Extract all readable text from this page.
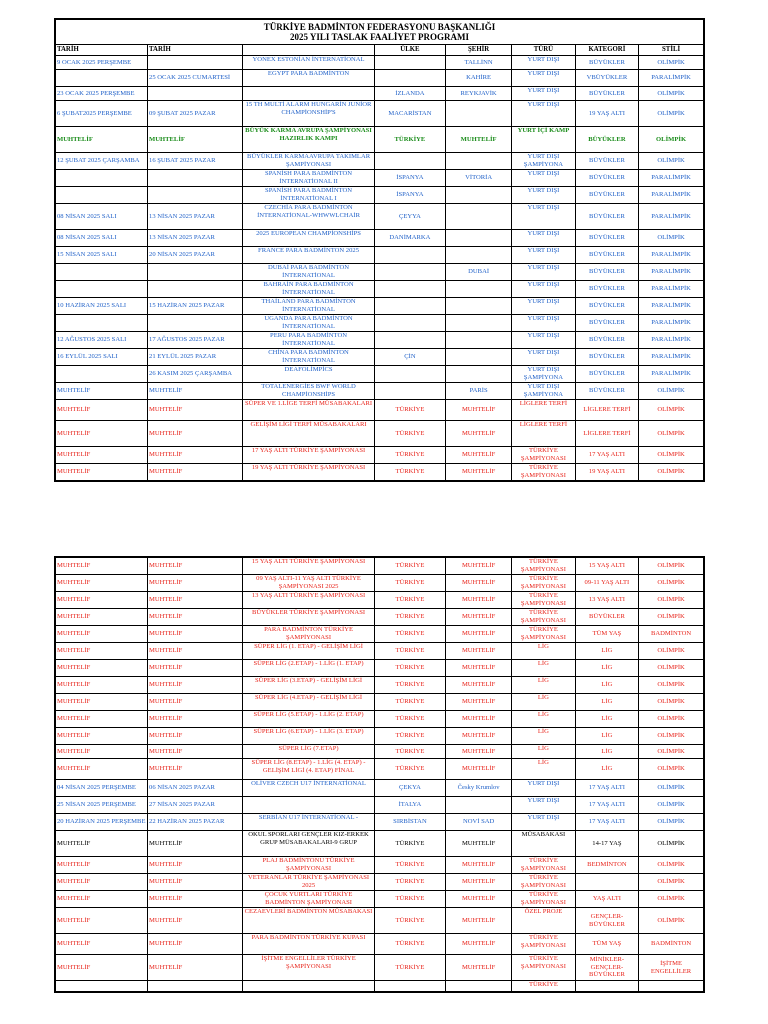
TÜRKİYE BADMİNTON FEDERASYONU BAŞKANLIĞI
2025 YILI TASLAK FAALİYET PROGRAMI							

TARİH	TARİH		ÜLKE	ŞEHİR	TÜRÜ	KATEGORİ	STİLİ
9 OCAK 2025 PERŞEMBE		YONEX ESTONİAN İNTERNATİONAL		TALLİNN	YURT DIŞI	BÜYÜKLER	OLİMPİK
	25 OCAK 2025 CUMARTESİ	EGYPT PARA BADMİNTON		KAHİRE	YURT DIŞI	VBÜYÜKLER	PARALİMPİK
23 OCAK 2025 PERŞEMBE			İZLANDA	REYKJAVİK	YURT DIŞI	BÜYÜKLER	OLİMPİK
6 ŞUBAT2025 PERŞEMBE	09 ŞUBAT 2025 PAZAR	15 TH MULTİ ALARM HUNGARİN JUNİOR CHAMPİONSHİP'S	MACARİSTAN		YURT DIŞI	19 YAŞ ALTI	OLİMPİK
MUHTELİF	MUHTELİF	BÜYÜK KARMA AVRUPA ŞAMPİYONASI HAZIRLIK KAMPI	TÜRKİYE	MUHTELİF	YURT İÇİ KAMP	BÜYÜKLER	OLİMPİK
12 ŞUBAT 2025 ÇARŞAMBA	16 ŞUBAT 2025 PAZAR	BÜYÜKLER KARMAAVRUPA TAKIMLAR ŞAMPİYONASI			YURT DIŞI ŞAMPİYONA	BÜYÜKLER	OLİMPİK
		SPANİSH PARA BADMİNTON İNTERNATİONAL II	İSPANYA	VİTORİA	YURT DIŞI	BÜYÜKLER	PARALİMPİK
		SPANİSH PARA BADMİNTON İNTERNATİONAL I	İSPANYA		YURT DIŞI	BÜYÜKLER	PARALİMPİK
08 NİSAN 2025 SALI	13 NİSAN 2025 PAZAR	CZECHİA PARA BADMİNTON İNTERNATİONAL-WHWWLCHAİR	ÇEYYA		YURT DIŞI	BÜYÜKLER	PARALİMPİK
08 NİSAN 2025 SALI	13 NİSAN 2025 PAZAR	2025 EUROPEAN CHAMPİONSHİPS	DANİMARKA		YURT DIŞI	BÜYÜKLER	OLİMPİK
15 NİSAN 2025 SALI	20 NİSAN 2025 PAZAR	FRANCE PARA BADMİNTON 2025			YURT DIŞI	BÜYÜKLER	PARALİMPİK
		DUBAİ PARA BADMİNTON İNTERNATİONAL		DUBAİ	YURT DIŞI	BÜYÜKLER	PARALİMPİK
		BAHRAİN PARA BADMİNTON İNTERNATİONAL			YURT DIŞI	BÜYÜKLER	PARALİMPİK
10 HAZİRAN 2025 SALI	15 HAZİRAN 2025 PAZAR	THAİLAND PARA BADMİNTON İNTERNATİONAL			YURT DIŞI	BÜYÜKLER	PARALİMPİK
		UGANDA PARA BADMİNTON İNTERNATİONAL			YURT DIŞI	BÜYÜKLER	PARALİMPİK
12 AĞUSTOS 2025 SALI	17 AĞUSTOS 2025 PAZAR	PERU PARA BADMİNTON İNTERNATİONAL			YURT DIŞI	BÜYÜKLER	PARALİMPİK
16 EYLÜL 2025 SALI	21 EYLÜL 2025 PAZAR	CHİNA PARA BADMİNTON İNTERNATİONAL	ÇİN		YURT DIŞI	BÜYÜKLER	PARALİMPİK
	26 KASIM 2025 ÇARŞAMBA	DEAFOLİMPİCS			YURT DIŞI ŞAMPİYONA	BÜYÜKLER	PARALİMPİK
MUHTELİF	MUHTELİF	TOTALENERGİES BWF WORLD CHAMPİONSHİPS		PARİS	YURT DIŞI ŞAMPİYONA	BÜYÜKLER	OLİMPİK
MUHTELİF	MUHTELİF	SÜPER VE 1.LİGE TERFİ MÜSABAKALARI	TÜRKİYE	MUHTELİF	LİGLERE TERFİ	LİGLERE TERFİ	OLİMPİK
MUHTELİF	MUHTELİF	GELİŞİM LİGİ TERFİ MÜSABAKALARI	TÜRKİYE	MUHTELİF	LİGLERE TERFİ	LİGLERE TERFİ	OLİMPİK
MUHTELİF	MUHTELİF	17 YAŞ ALTI TÜRKİYE ŞAMPİYONASI	TÜRKİYE	MUHTELİF	TÜRKİYE ŞAMPİYONASI	17 YAŞ ALTI	OLİMPİK
MUHTELİF	MUHTELİF	19 YAŞ ALTI TÜRKİYE ŞAMPİYONASI	TÜRKİYE	MUHTELİF	TÜRKİYE ŞAMPİYONASI	19 YAŞ ALTI	OLİMPİK
MUHTELİF	MUHTELİF	15 YAŞ ALTI TÜRKİYE ŞAMPİYONASI	TÜRKİYE	MUHTELİF	TÜRKİYE ŞAMPİYONASI	15 YAŞ ALTI	OLİMPİK
MUHTELİF	MUHTELİF	09 YAŞ ALTI-11 YAŞ ALTI TÜRKİYE ŞAMPİYONASI 2025	TÜRKİYE	MUHTELİF	TÜRKİYE ŞAMPİYONASI	09-11 YAŞ ALTI	OLİMPİK
MUHTELİF	MUHTELİF	13 YAŞ ALTI TÜRKİYE ŞAMPİYONASI	TÜRKİYE	MUHTELİF	TÜRKİYE ŞAMPİYONASI	13 YAŞ ALTI	OLİMPİK
MUHTELİF	MUHTELİF	BÜYÜKLER TÜRKİYE ŞAMPİYONASI	TÜRKİYE	MUHTELİF	TÜRKİYE ŞAMPİYONASI	BÜYÜKLER	OLİMPİK
MUHTELİF	MUHTELİF	PARA BADMİNTON TÜRKİYE ŞAMPİYONASI	TÜRKİYE	MUHTELİF	TÜRKİYE ŞAMPİYONASI	TÜM YAŞ	BADMİNTON
MUHTELİF	MUHTELİF	SÜPER LİG (1. ETAP) - GELİŞİM LİGİ	TÜRKİYE	MUHTELİF	LİG	LİG	OLİMPİK
MUHTELİF	MUHTELİF	SÜPER LİG (2.ETAP) - 1.LİG (1. ETAP)	TÜRKİYE	MUHTELİF	LİG	LİG	OLİMPİK
MUHTELİF	MUHTELİF	SÜPER LİG (3.ETAP) - GELİŞİM LİGİ	TÜRKİYE	MUHTELİF	LİG	LİG	OLİMPİK
MUHTELİF	MUHTELİF	SÜPER LİG (4.ETAP) - GELİŞİM LİGİ	TÜRKİYE	MUHTELİF	LİG	LİG	OLİMPİK
MUHTELİF	MUHTELİF	SÜPER LİG (5.ETAP) - 1.LİG (2. ETAP)	TÜRKİYE	MUHTELİF	LİG	LİG	OLİMPİK
MUHTELİF	MUHTELİF	SÜPER LİG (6.ETAP) - 1.LİG (3. ETAP)	TÜRKİYE	MUHTELİF	LİG	LİG	OLİMPİK
MUHTELİF	MUHTELİF	SÜPER LİG (7.ETAP)	TÜRKİYE	MUHTELİF	LİG	LİG	OLİMPİK
MUHTELİF	MUHTELİF	SÜPER LİG (8.ETAP) - 1.LİG (4. ETAP) - GELİŞİM LİGİ (4. ETAP) FİNAL	TÜRKİYE	MUHTELİF	LİG	LİG	OLİMPİK
04 NİSAN 2025 PERŞEMBE	06 NİSAN 2025 PAZAR	OLİVER CZECH U17 İNTERNATİONAL	ÇEKYA	Česky Krumlov	YURT DIŞI	17 YAŞ ALTI	OLİMPİK
25 NİSAN 2025 PERŞEMBE	27 NİSAN 2025 PAZAR		İTALYA		YURT DIŞI	17 YAŞ ALTI	OLİMPİK
20 HAZİRAN 2025 PERŞEMBE	22 HAZİRAN 2025 PAZAR	SERBİAN U17 İNTERNATİONAL -	SIRBİSTAN	NOVİ SAD	YURT DIŞI	17 YAŞ ALTI	OLİMPİK
MUHTELİF	MUHTELİF	OKUL SPORLARI GENÇLER KIZ-ERKEK GRUP MÜSABAKALARI-9 GRUP	TÜRKİYE	MUHTELİF	MÜSABAKASI	14-17 YAŞ	OLİMPİK
MUHTELİF	MUHTELİF	PLAJ BADMİNTONU TÜRKİYE ŞAMPİYONASI	TÜRKİYE	MUHTELİF	TÜRKİYE ŞAMPİYONASI	BEDMİNTON	OLİMPİK
MUHTELİF	MUHTELİF	VETERANLAR TÜRKİYE ŞAMPİYONASI 2025	TÜRKİYE	MUHTELİF	TÜRKİYE ŞAMPİYONASI		OLİMPİK
MUHTELİF	MUHTELİF	ÇOCUK YURTLARI TÜRKİYE BADMİNTON ŞAMPİYONASI	TÜRKİYE	MUHTELİF	TÜRKİYE ŞAMPİYONASI	YAŞ ALTI	OLİMPİK
MUHTELİF	MUHTELİF	CEZAEVLERİ BADMİNTON MÜSABAKASI	TÜRKİYE	MUHTELİF	ÖZEL PROJE	GENÇLER-BÜYÜKLER	OLİMPİK
MUHTELİF	MUHTELİF	PARA BADMİNTON TÜRKİYE KUPASI	TÜRKİYE	MUHTELİF	TÜRKİYE ŞAMPİYONASI	TÜM YAŞ	BADMİNTON
MUHTELİF	MUHTELİF	İŞİTME ENGELLİLER TÜRKİYE ŞAMPİYONASI	TÜRKİYE	MUHTELİF	TÜRKİYE ŞAMPİYONASI	MİNİKLER-GENÇLER-BÜYÜKLER	İŞİTME ENGELLİLER
					TÜRKİYE		
